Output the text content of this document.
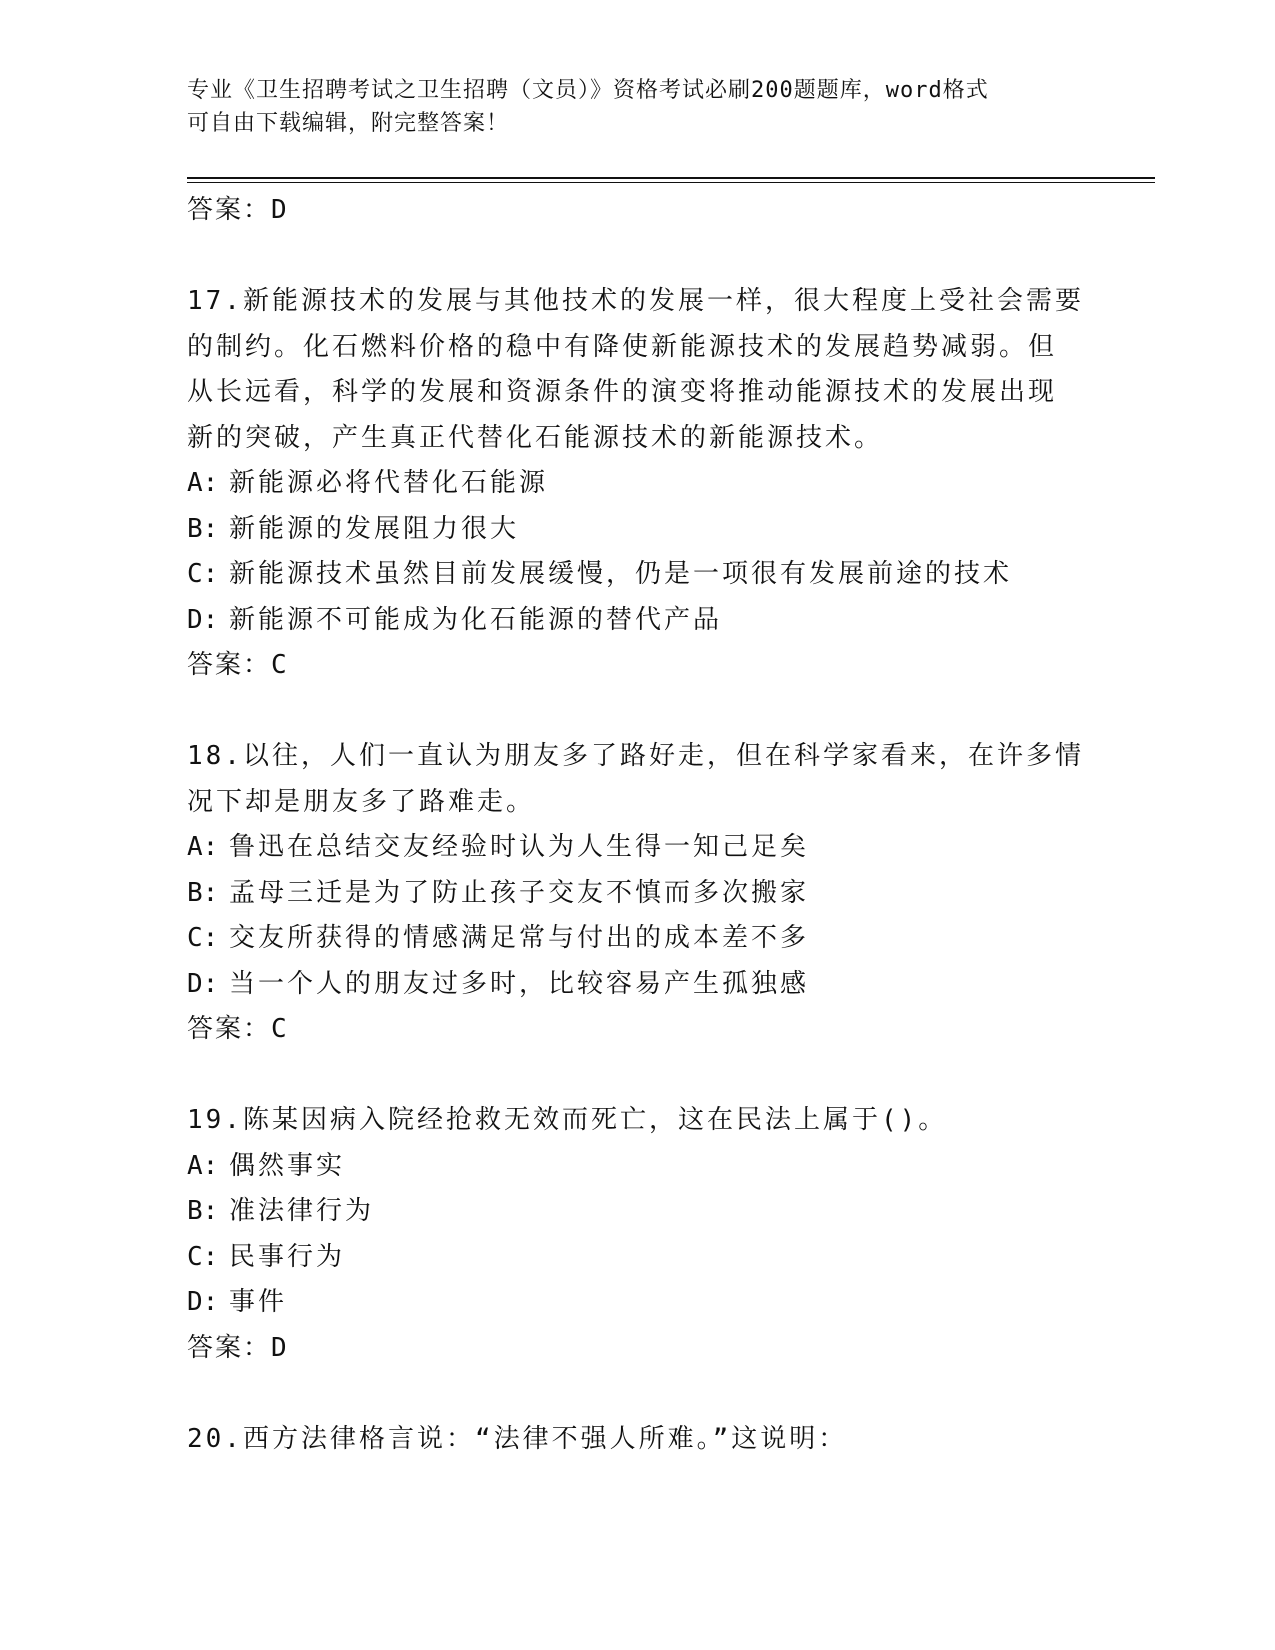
专业《卫生招聘考试之卫生招聘（文员）》资格考试必刷200题题库，word格式
可自由下载编辑，附完整答案！
答案：D
17.新能源技术的发展与其他技术的发展一样，很大程度上受社会需要
的制约。化石燃料价格的稳中有降使新能源技术的发展趋势减弱。但
从长远看，科学的发展和资源条件的演变将推动能源技术的发展出现
新的突破，产生真正代替化石能源技术的新能源技术。
A: 新能源必将代替化石能源
B: 新能源的发展阻力很大
C: 新能源技术虽然目前发展缓慢，仍是一项很有发展前途的技术
D: 新能源不可能成为化石能源的替代产品
答案：C
18.以往，人们一直认为朋友多了路好走，但在科学家看来，在许多情
况下却是朋友多了路难走。
A: 鲁迅在总结交友经验时认为人生得一知己足矣
B: 孟母三迁是为了防止孩子交友不慎而多次搬家
C: 交友所获得的情感满足常与付出的成本差不多
D: 当一个人的朋友过多时，比较容易产生孤独感
答案：C
19.陈某因病入院经抢救无效而死亡，这在民法上属于()。
A: 偶然事实
B: 准法律行为
C: 民事行为
D: 事件
答案：D
20.西方法律格言说：“法律不强人所难。”这说明：
